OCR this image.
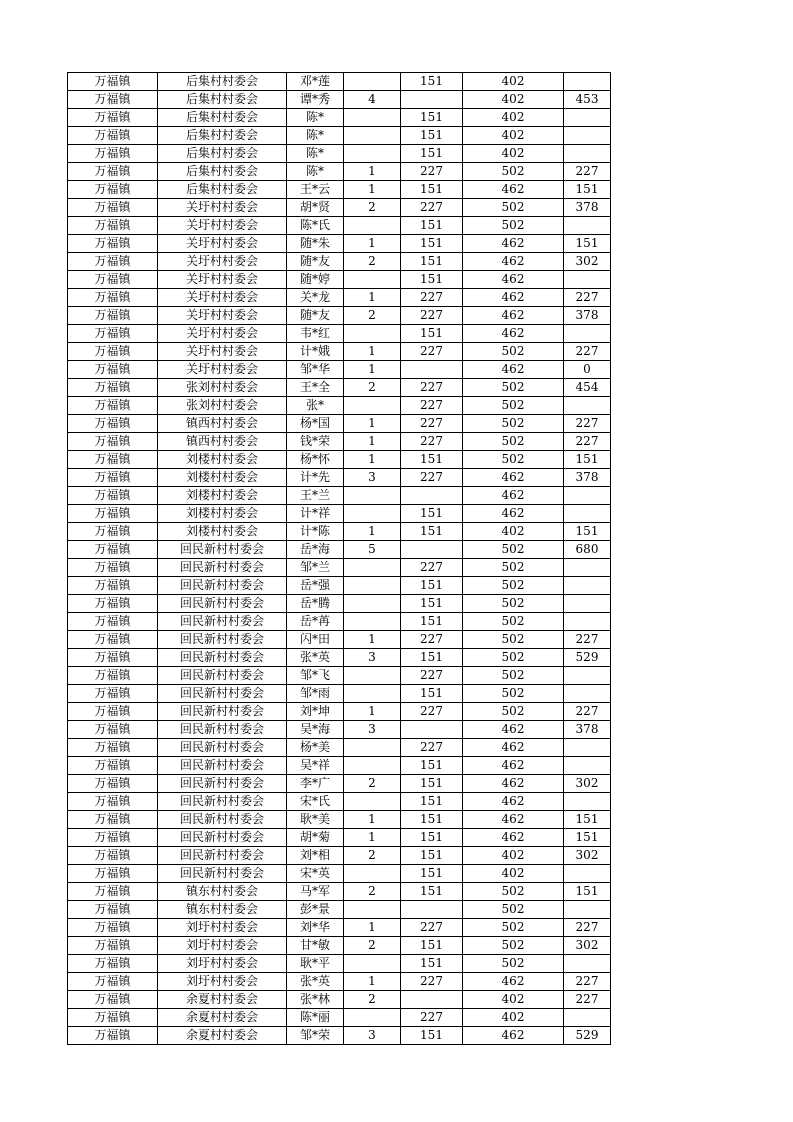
万福镇	后集村村委会	邓*莲		151	402	
万福镇	后集村村委会	谭*秀	4		402	453
万福镇	后集村村委会	陈*		151	402	
万福镇	后集村村委会	陈*		151	402	
万福镇	后集村村委会	陈*		151	402	
万福镇	后集村村委会	陈*	1	227	502	227
万福镇	后集村村委会	王*云	1	151	462	151
万福镇	关圩村村委会	胡*贤	2	227	502	378
万福镇	关圩村村委会	陈*氏		151	502	
万福镇	关圩村村委会	随*朱	1	151	462	151
万福镇	关圩村村委会	随*友	2	151	462	302
万福镇	关圩村村委会	随*婷		151	462	
万福镇	关圩村村委会	关*龙	1	227	462	227
万福镇	关圩村村委会	随*友	2	227	462	378
万福镇	关圩村村委会	韦*红		151	462	
万福镇	关圩村村委会	计*娥	1	227	502	227
万福镇	关圩村村委会	邹*华	1		462	0
万福镇	张刘村村委会	王*全	2	227	502	454
万福镇	张刘村村委会	张*		227	502	
万福镇	镇西村村委会	杨*国	1	227	502	227
万福镇	镇西村村委会	钱*荣	1	227	502	227
万福镇	刘楼村村委会	杨*怀	1	151	502	151
万福镇	刘楼村村委会	计*先	3	227	462	378
万福镇	刘楼村村委会	王*兰			462	
万福镇	刘楼村村委会	计*祥		151	462	
万福镇	刘楼村村委会	计*陈	1	151	402	151
万福镇	回民新村村委会	岳*海	5		502	680
万福镇	回民新村村委会	邹*兰		227	502	
万福镇	回民新村村委会	岳*强		151	502	
万福镇	回民新村村委会	岳*腾		151	502	
万福镇	回民新村村委会	岳*苒		151	502	
万福镇	回民新村村委会	闪*田	1	227	502	227
万福镇	回民新村村委会	张*英	3	151	502	529
万福镇	回民新村村委会	邹*飞		227	502	
万福镇	回民新村村委会	邹*雨		151	502	
万福镇	回民新村村委会	刘*坤	1	227	502	227
万福镇	回民新村村委会	吴*海	3		462	378
万福镇	回民新村村委会	杨*美		227	462	
万福镇	回民新村村委会	吴*祥		151	462	
万福镇	回民新村村委会	李*广	2	151	462	302
万福镇	回民新村村委会	宋*氏		151	462	
万福镇	回民新村村委会	耿*美	1	151	462	151
万福镇	回民新村村委会	胡*菊	1	151	462	151
万福镇	回民新村村委会	刘*相	2	151	402	302
万福镇	回民新村村委会	宋*英		151	402	
万福镇	镇东村村委会	马*军	2	151	502	151
万福镇	镇东村村委会	彭*景			502	
万福镇	刘圩村村委会	刘*华	1	227	502	227
万福镇	刘圩村村委会	甘*敏	2	151	502	302
万福镇	刘圩村村委会	耿*平		151	502	
万福镇	刘圩村村委会	张*英	1	227	462	227
万福镇	余夏村村委会	张*林	2		402	227
万福镇	余夏村村委会	陈*丽		227	402	
万福镇	余夏村村委会	邹*荣	3	151	462	529
